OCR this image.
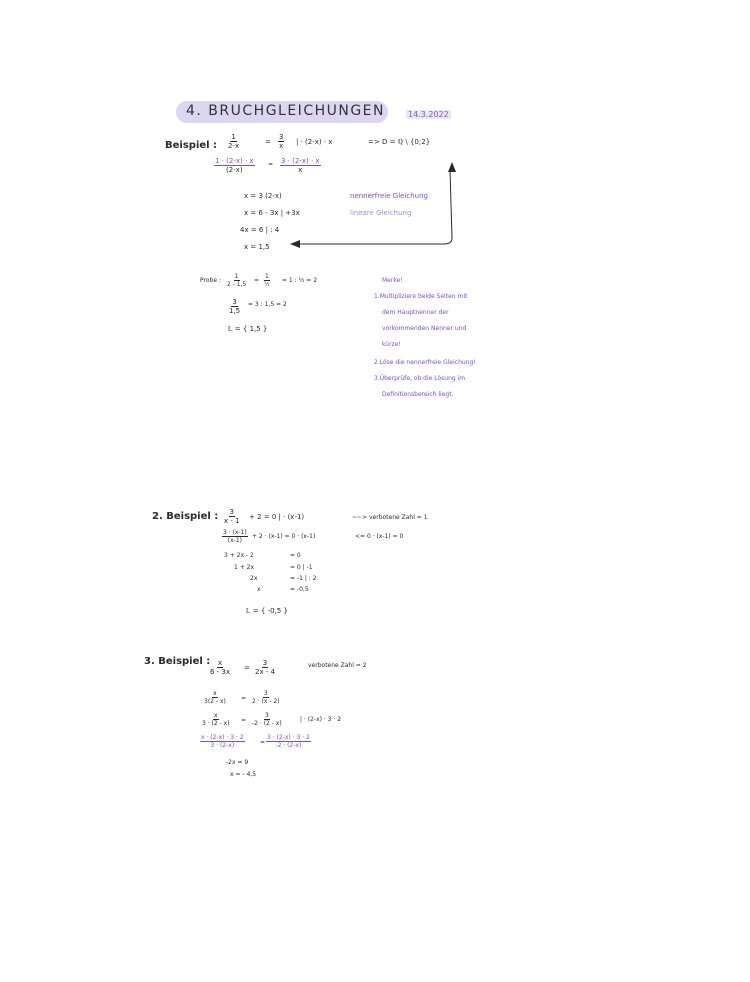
4. BRUCHGLEICHUNGEN	14.3.2022
Beispiel : $\frac{1}{2-x}$	= $\frac{3}{x}$ | · (2-x) · x	=> D = ℚ \ {0;2}
$\frac{1 \cdot (2-x) \cdot x}{(2-x)} = \frac{3 \cdot (2-x) \cdot x}{x}$
x = 3 (2-x)
x = 6 - 3x | +3x
4x = 6 | : 4
x = 1,5
nennerfreie Gleichung
lineare Gleichung
Probe : $\frac{1}{2 - 1,5}$ =
1
½
= 1 : ½ = 2
$\frac{3}{1,5} = 3$ : 1,5 = 2
𝕃 = { 1,5 }
Merke!
1.Multipliziere beide Seiten mit
dem Hauptnenner der
vorkommenden Nenner und
kürze!
2.Löse die nennerfreie Gleichung!
3.Überprüfe, ob die Lösung im
Definitionsbereich liegt.
2. Beispiel : $\frac{3}{x - 1} + 2 = 0$ | · (x-1)	~~> verbotene Zahl = 1
$\frac{3 \cdot (x-1)}{(x-1)} + 2 \cdot (x-1) = 0 \cdot (x-1)$	<= 0 · (x-1) = 0
3 + 2x - 2	= 0
1 + 2x	= 0 | -1
2x	= -1 | : 2
x	= -0,5
𝕃 = { -0,5 }
3. Beispiel : $\frac{x}{6 - 3x} = \frac{3}{2x - 4}$	verbotene Zahl = 2
$\frac{x}{3(2 - x)}$	= $\frac{3}{2 \cdot (x - 2)}$
$\frac{x}{3 \cdot (2 - x)} = \frac{3}{-2 \cdot (2 - x)}$	| · (2-x) · 3 · 2
$\frac{x \cdot (2-x) \cdot 3 \cdot 2}{3 \cdot (2-x)}$	= $\frac{3 \cdot (2-x) \cdot 3 \cdot 2}{-2 \cdot (2-x)}$
-2x = 9
x = - 4,5
